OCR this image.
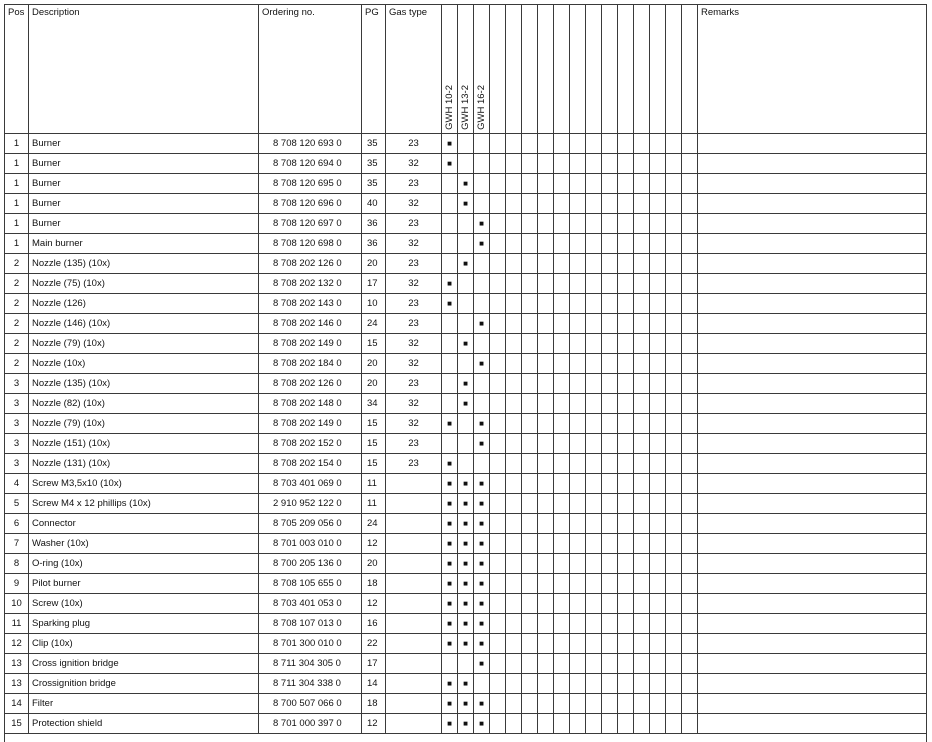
Pos	Description	Ordering no.	PG	Gas type	GWH 10-2	GWH 13-2	GWH 16-2														Remarks
1	Burner	8 708 120 693 0	35	23	■																
1	Burner	8 708 120 694 0	35	32	■																
1	Burner	8 708 120 695 0	35	23		■															
1	Burner	8 708 120 696 0	40	32		■															
1	Burner	8 708 120 697 0	36	23			■														
1	Main burner	8 708 120 698 0	36	32			■														
2	Nozzle (135) (10x)	8 708 202 126 0	20	23		■															
2	Nozzle (75) (10x)	8 708 202 132 0	17	32	■																
2	Nozzle (126)	8 708 202 143 0	10	23	■																
2	Nozzle (146) (10x)	8 708 202 146 0	24	23			■														
2	Nozzle (79) (10x)	8 708 202 149 0	15	32		■															
2	Nozzle (10x)	8 708 202 184 0	20	32			■														
3	Nozzle (135) (10x)	8 708 202 126 0	20	23		■															
3	Nozzle (82) (10x)	8 708 202 148 0	34	32		■															
3	Nozzle (79) (10x)	8 708 202 149 0	15	32	■		■														
3	Nozzle (151) (10x)	8 708 202 152 0	15	23			■														
3	Nozzle (131) (10x)	8 708 202 154 0	15	23	■																
4	Screw M3,5x10 (10x)	8 703 401 069 0	11		■	■	■														
5	Screw M4 x 12 phillips (10x)	2 910 952 122 0	11		■	■	■														
6	Connector	8 705 209 056 0	24		■	■	■														
7	Washer (10x)	8 701 003 010 0	12		■	■	■														
8	O-ring (10x)	8 700 205 136 0	20		■	■	■														
9	Pilot burner	8 708 105 655 0	18		■	■	■														
10	Screw (10x)	8 703 401 053 0	12		■	■	■														
11	Sparking plug	8 708 107 013 0	16		■	■	■														
12	Clip (10x)	8 701 300 010 0	22		■	■	■														
13	Cross ignition bridge	8 711 304 305 0	17				■														
13	Crossignition bridge	8 711 304 338 0	14		■	■															
14	Filter	8 700 507 066 0	18		■	■	■														
15	Protection shield	8 701 000 397 0	12		■	■	■														
